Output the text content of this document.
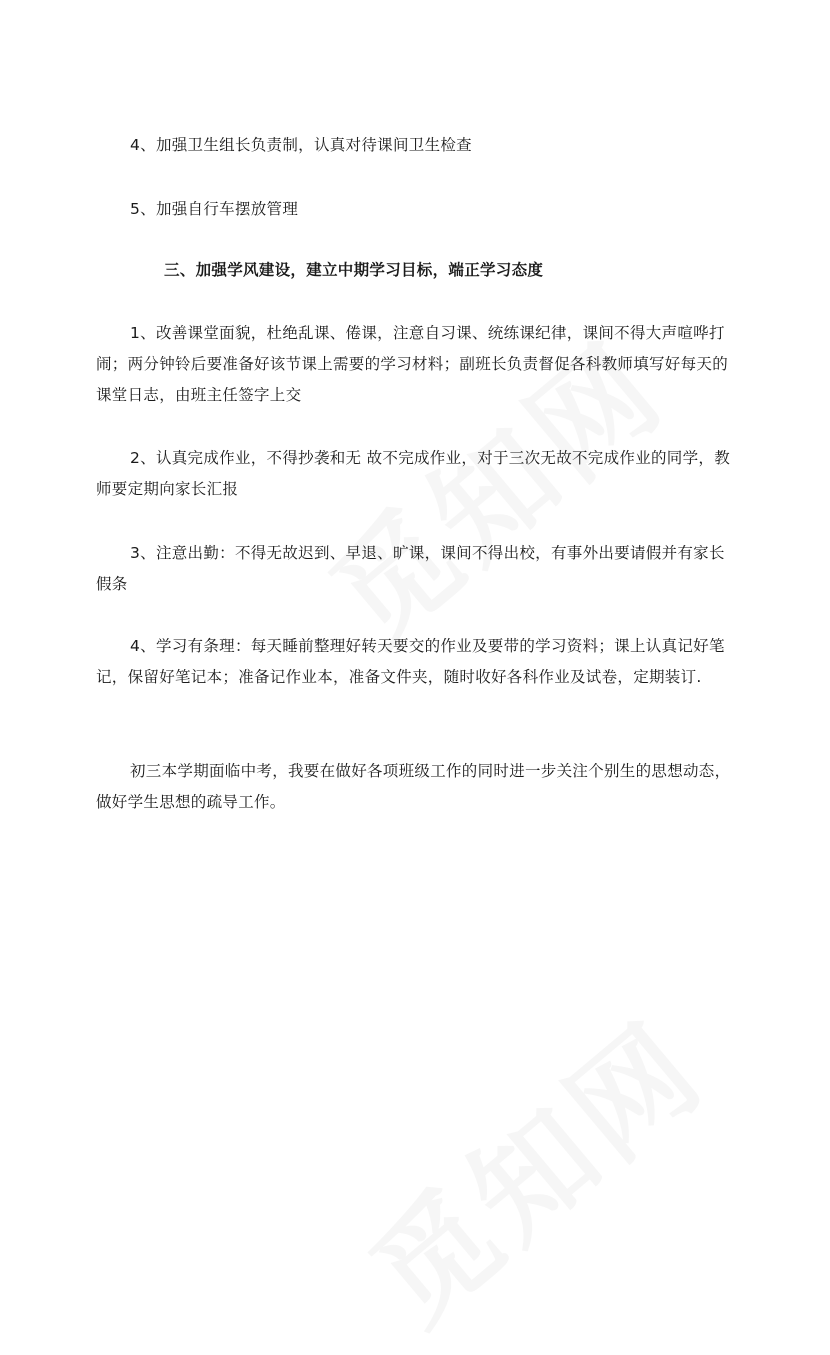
4、加强卫生组长负责制，认真对待课间卫生检查

5、加强自行车摆放管理

三、加强学风建设，建立中期学习目标，端正学习态度

1、改善课堂面貌，杜绝乱课、倦课，注意自习课、统练课纪律，课间不得大声喧哗打闹；两分钟铃后要准备好该节课上需要的学习材料；副班长负责督促各科教师填写好每天的课堂日志，由班主任签字上交

2、认真完成作业，不得抄袭和无 故不完成作业，对于三次无故不完成作业的同学，教师要定期向家长汇报

3、注意出勤：不得无故迟到、早退、旷课，课间不得出校，有事外出要请假并有家长假条

4、学习有条理：每天睡前整理好转天要交的作业及要带的学习资料；课上认真记好笔记，保留好笔记本；准备记作业本，准备文件夹，随时收好各科作业及试卷，定期装订.

初三本学期面临中考，我要在做好各项班级工作的同时进一步关注个别生的思想动态，做好学生思想的疏导工作。
